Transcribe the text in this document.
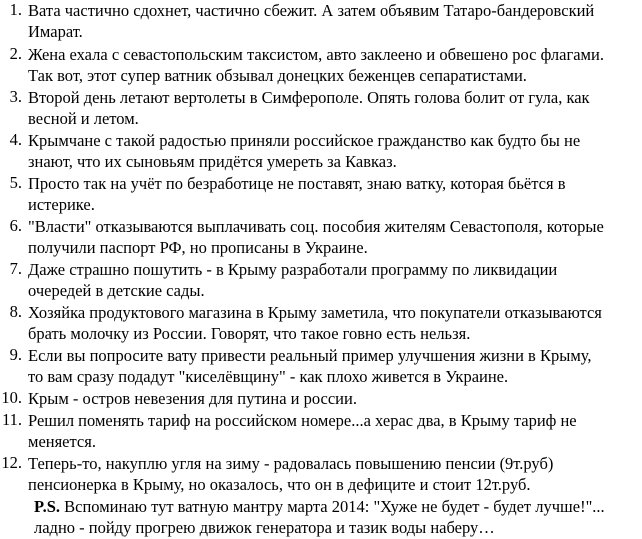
1. Вата частично сдохнет, частично сбежит. А затем объявим Татаро-бандеровский
Имарат.
2. Жена ехала с севастопольским таксистом, авто заклеено и обвешено рос флагами.
Так вот, этот супер ватник обзывал донецких беженцев сепаратистами.
3. Второй день летают вертолеты в Симферополе. Опять голова болит от гула, как
весной и летом.
4. Крымчане с такой радостью приняли российское гражданство как будто бы не
знают, что их сыновьям придётся умереть за Кавказ.
5. Просто так на учёт по безработице не поставят, знаю ватку, которая бьётся в
истерике.
6. "Власти" отказываются выплачивать соц. пособия жителям Севастополя, которые
получили паспорт РФ, но прописаны в Украине.
7. Даже страшно пошутить - в Крыму разработали программу по ликвидации
очередей в детские сады.
8. Хозяйка продуктового магазина в Крыму заметила, что покупатели отказываются
брать молочку из России. Говорят, что такое говно есть нельзя.
9. Если вы попросите вату привести реальный пример улучшения жизни в Крыму,
то вам сразу подадут "киселёвщину" - как плохо живется в Украине.
10. Крым - остров невезения для путина и россии.
11. Решил поменять тариф на российском номере...а херас два, в Крыму тариф не
меняется.
12. Теперь-то, накуплю угля на зиму - радовалась повышению пенсии (9т.руб)
пенсионерка в Крыму, но оказалось, что он в дефиците и стоит 12т.руб.
P.S. Вспоминаю тут ватную мантру марта 2014: "Хуже не будет - будет лучше!"...
ладно - пойду прогрею движок генератора и тазик воды наберу…
